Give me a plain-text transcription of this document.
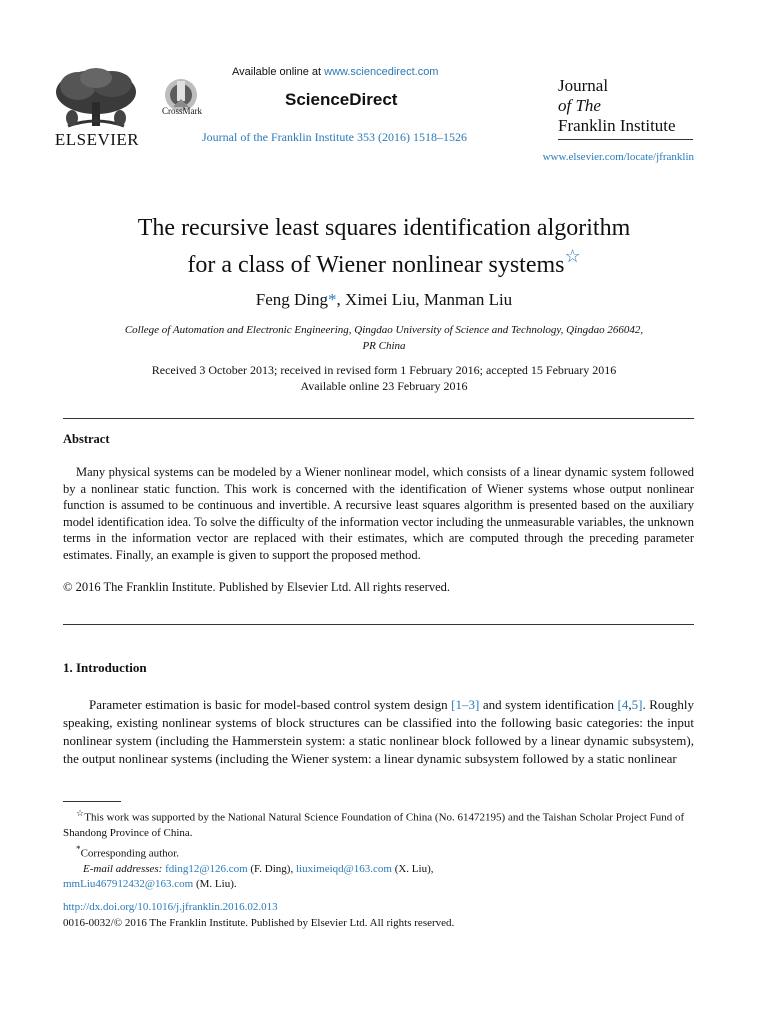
ELSEVIER
CrossMark
Available online at www.sciencedirect.com
ScienceDirect
Journal of the Franklin Institute 353 (2016) 1518–1526
Journal
of The
Franklin Institute
www.elsevier.com/locate/jfranklin
The recursive least squares identification algorithm
for a class of Wiener nonlinear systems☆
Feng Ding*, Ximei Liu, Manman Liu
College of Automation and Electronic Engineering, Qingdao University of Science and Technology, Qingdao 266042,
PR China
Received 3 October 2013; received in revised form 1 February 2016; accepted 15 February 2016
Available online 23 February 2016
Abstract
Many physical systems can be modeled by a Wiener nonlinear model, which consists of a linear dynamic system followed by a nonlinear static function. This work is concerned with the identification of Wiener systems whose output nonlinear function is assumed to be continuous and invertible. A recursive least squares algorithm is presented based on the auxiliary model identification idea. To solve the difficulty of the information vector including the unmeasurable variables, the unknown terms in the information vector are replaced with their estimates, which are computed through the preceding parameter estimates. Finally, an example is given to support the proposed method.
© 2016 The Franklin Institute. Published by Elsevier Ltd. All rights reserved.
1. Introduction
Parameter estimation is basic for model-based control system design [1–3] and system identification [4,5]. Roughly speaking, existing nonlinear systems of block structures can be classified into the following basic categories: the input nonlinear system (including the Hammerstein system: a static nonlinear block followed by a linear dynamic subsystem), the output nonlinear systems (including the Wiener system: a linear dynamic subsystem followed by a static nonlinear

☆This work was supported by the National Natural Science Foundation of China (No. 61472195) and the Taishan Scholar Project Fund of Shandong Province of China.

*Corresponding author.

E-mail addresses: fding12@126.com (F. Ding), liuximeiqd@163.com (X. Liu),
mmLiu467912432@163.com (M. Liu).

http://dx.doi.org/10.1016/j.jfranklin.2016.02.013

0016-0032/© 2016 The Franklin Institute. Published by Elsevier Ltd. All rights reserved.
